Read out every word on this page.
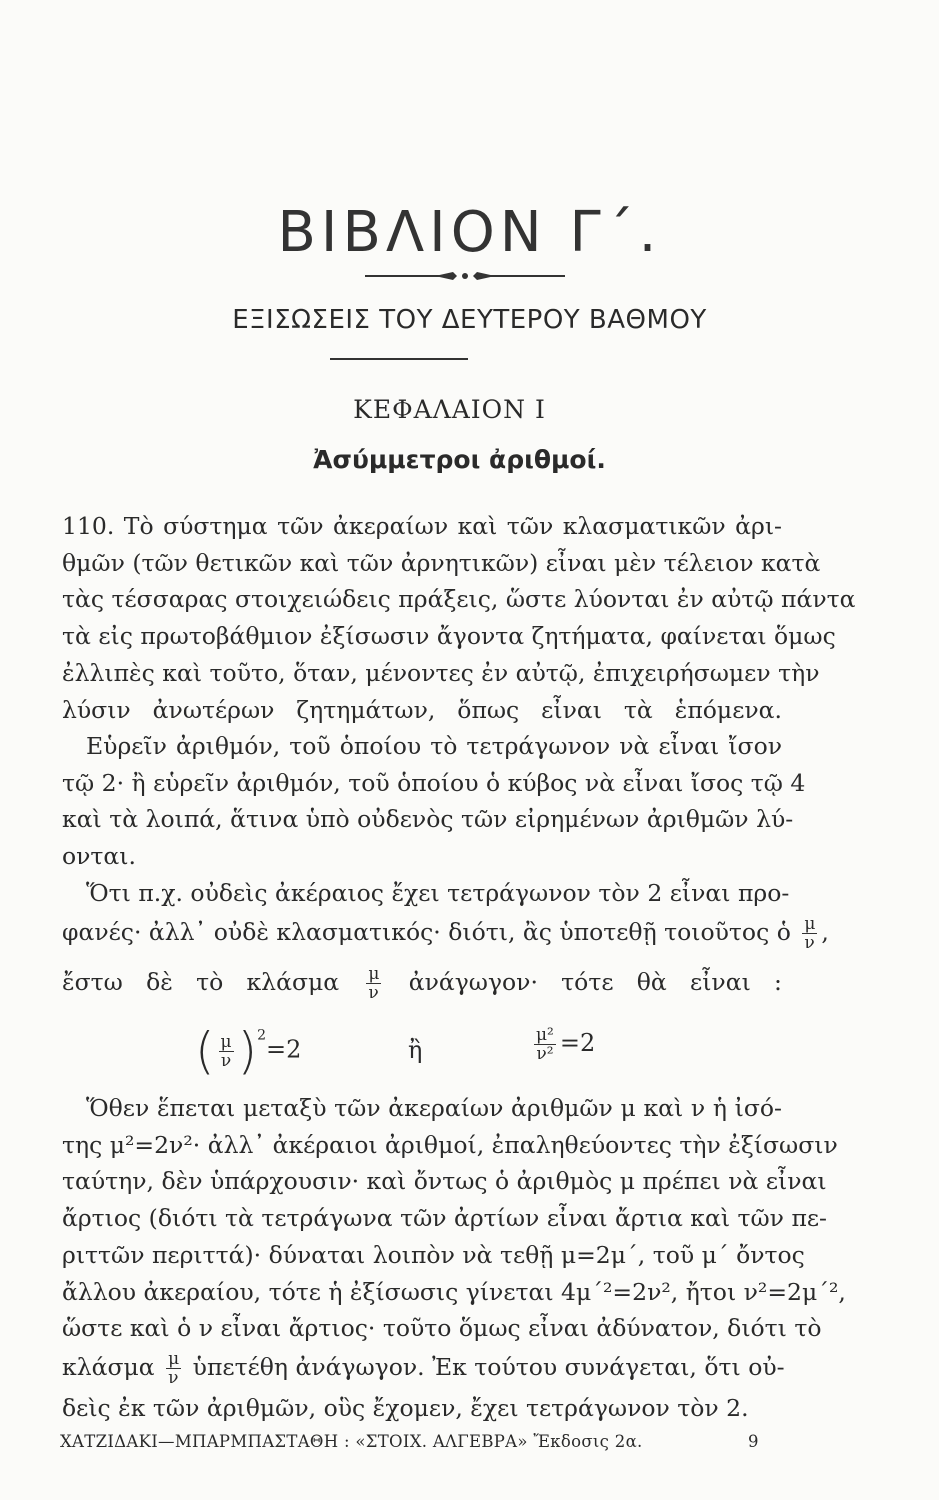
ΒΙΒΛΙΟΝ Γ΄.
ΕΞΙΣΩΣΕΙΣ ΤΟΥ ΔΕΥΤΕΡΟΥ ΒΑΘΜΟΥ
ΚΕΦΑΛΑΙΟΝ I
Ἀσύμμετροι ἀριθμοί.
110. Τὸ σύστημα τῶν ἀκεραίων καὶ τῶν κλασματικῶν ἀρι-
θμῶν (τῶν θετικῶν καὶ τῶν ἀρνητικῶν) εἶναι μὲν τέλειον κατὰ
τὰς τέσσαρας στοιχειώδεις πράξεις, ὥστε λύονται ἐν αὐτῷ πάντα
τὰ εἰς πρωτοβάθμιον ἐξίσωσιν ἄγοντα ζητήματα, φαίνεται ὅμως
ἐλλιπὲς καὶ τοῦτο, ὅταν, μένοντες ἐν αὐτῷ, ἐπιχειρήσωμεν τὴν
λύσιν ἀνωτέρων ζητημάτων, ὅπως εἶναι τὰ ἑπόμενα.
Εὑρεῖν ἀριθμόν, τοῦ ὁποίου τὸ τετράγωνον νὰ εἶναι ἴσον
τῷ 2· ἢ εὑρεῖν ἀριθμόν, τοῦ ὁποίου ὁ κύβος νὰ εἶναι ἴσος τῷ 4
καὶ τὰ λοιπά, ἅτινα ὑπὸ οὐδενὸς τῶν εἰρημένων ἀριθμῶν λύ-
ονται.
Ὅτι π.χ. οὐδεὶς ἀκέραιος ἔχει τετράγωνον τὸν 2 εἶναι προ-
φανές· ἀλλ᾽ οὐδὲ κλασματικός· διότι, ἂς ὑποτεθῇ τοιοῦτος ὁ $\frac{\mu}{\nu}$ ,
ἔστω δὲ τὸ κλάσμα $\frac{\mu}{\nu}$ ἀνάγωγον· τότε θὰ εἶναι :
( $\frac{\mu}{\nu} )^2=2$	ἢ	$\frac{\text{μ²}}{\text{ν²}} =2$
Ὅθεν ἕπεται μεταξὺ τῶν ἀκεραίων ἀριθμῶν μ καὶ ν ἡ ἰσό-
της μ²=2ν²· ἀλλ᾽ ἀκέραιοι ἀριθμοί, ἐπαληθεύοντες τὴν ἐξίσωσιν
ταύτην, δὲν ὑπάρχουσιν· καὶ ὄντως ὁ ἀριθμὸς μ πρέπει νὰ εἶναι
ἄρτιος (διότι τὰ τετράγωνα τῶν ἀρτίων εἶναι ἄρτια καὶ τῶν πε-
ριττῶν περιττά)· δύναται λοιπὸν νὰ τεθῇ μ=2μ΄, τοῦ μ΄ ὄντος
ἄλλου ἀκεραίου, τότε ἡ ἐξίσωσις γίνεται 4μ΄²=2ν², ἤτοι ν²=2μ΄²,
ὥστε καὶ ὁ ν εἶναι ἄρτιος· τοῦτο ὅμως εἶναι ἀδύνατον, διότι τὸ
κλάσμα $\frac{\mu}{\nu}$ ὑπετέθη ἀνάγωγον. Ἐκ τούτου συνάγεται, ὅτι οὐ-
δεὶς ἐκ τῶν ἀριθμῶν, οὓς ἔχομεν, ἔχει τετράγωνον τὸν 2.
ΧΑΤΖΙΔΑΚΙ—ΜΠΑΡΜΠΑΣΤΑΘΗ : «ΣΤΟΙΧ. ΑΛΓΕΒΡΑ» Ἔκδοσις 2α.	9
